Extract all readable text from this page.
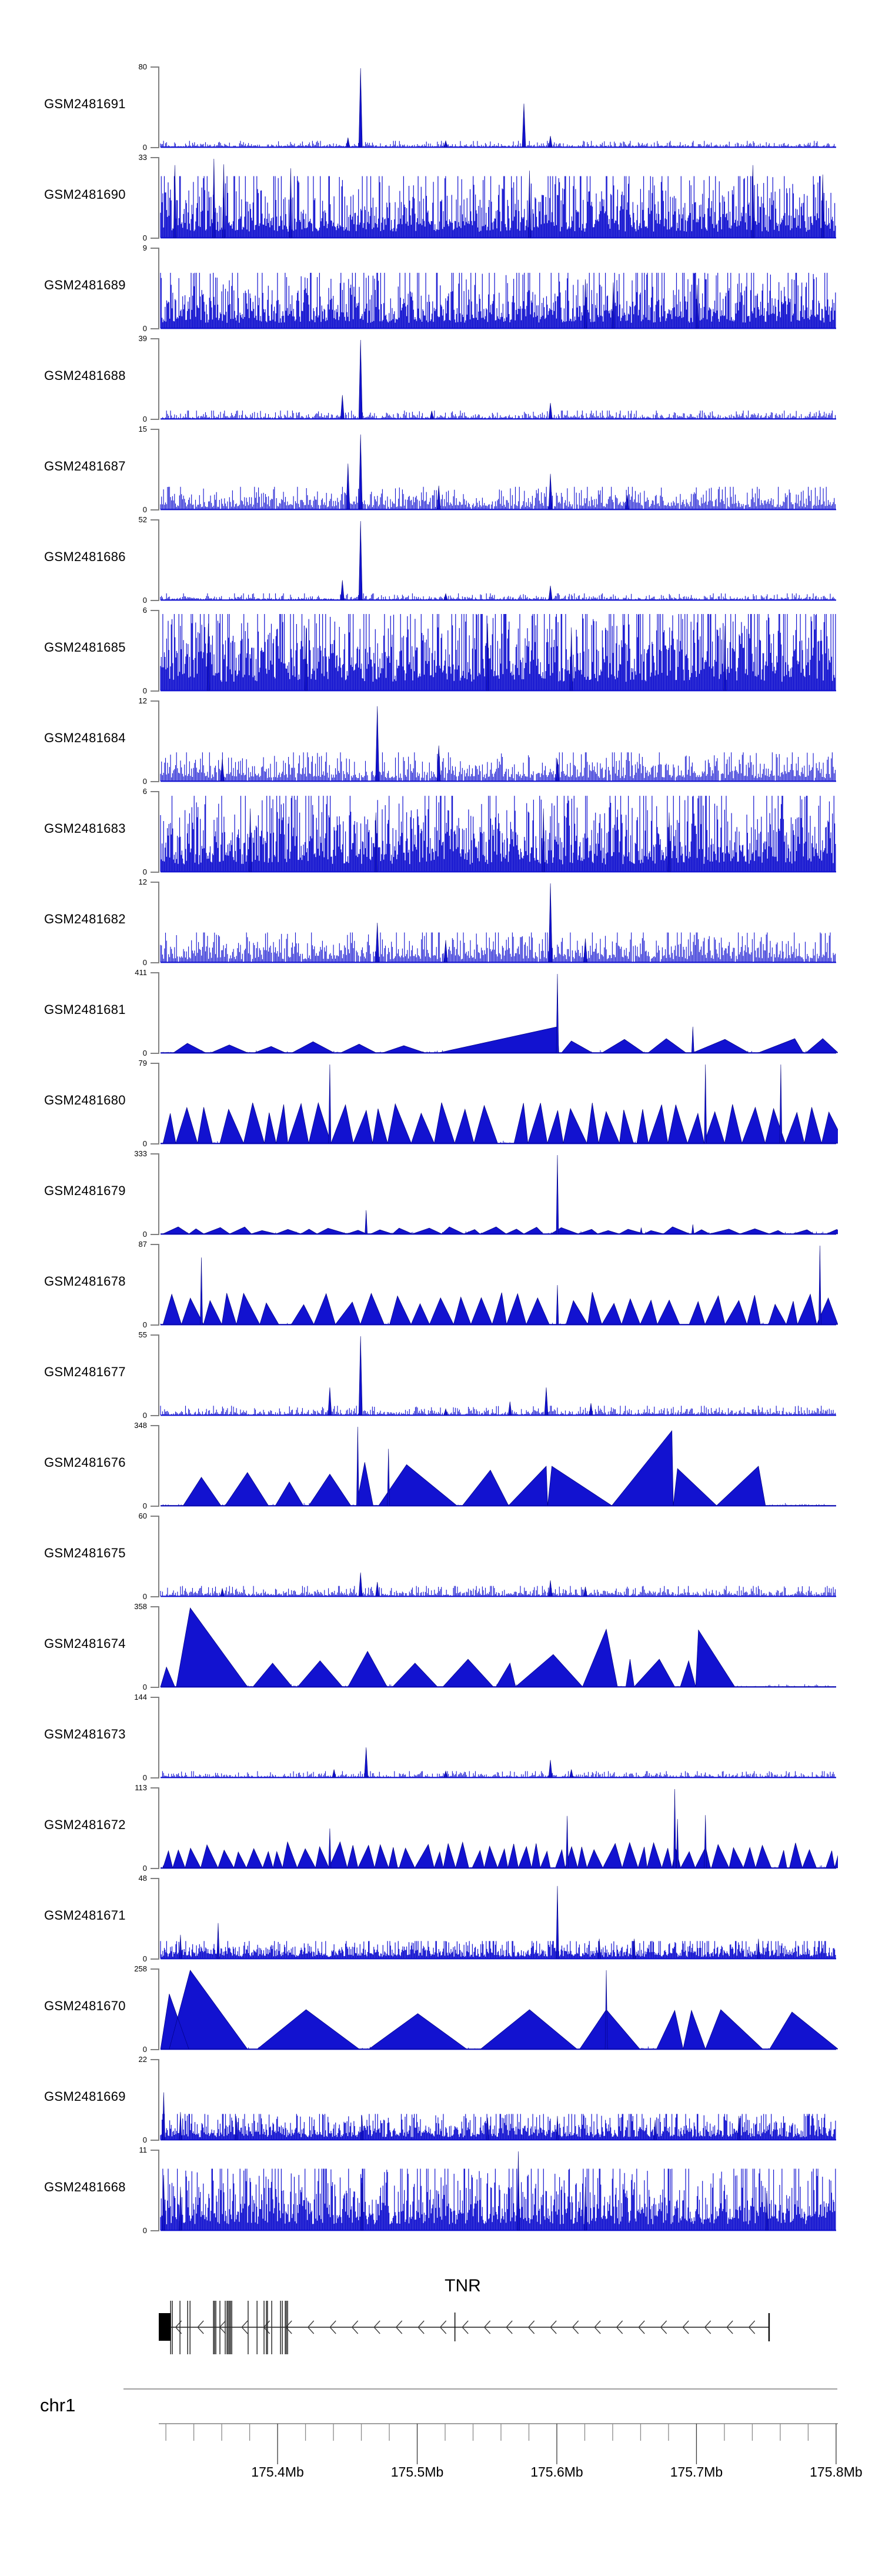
GSM2481691
80
0
GSM2481690
33
0
GSM2481689
9
0
GSM2481688
39
0
GSM2481687
15
0
GSM2481686
52
0
GSM2481685
6
0
GSM2481684
12
0
GSM2481683
6
0
GSM2481682
12
0
GSM2481681
411
0
GSM2481680
79
0
GSM2481679
333
0
GSM2481678
87
0
GSM2481677
55
0
GSM2481676
348
0
GSM2481675
60
0
GSM2481674
358
0
GSM2481673
144
0
GSM2481672
113
0
GSM2481671
48
0
GSM2481670
258
0
GSM2481669
22
0
GSM2481668
11
0
TNR
chr1
175.4Mb	175.5Mb	175.6Mb	175.7Mb	175.8Mb
